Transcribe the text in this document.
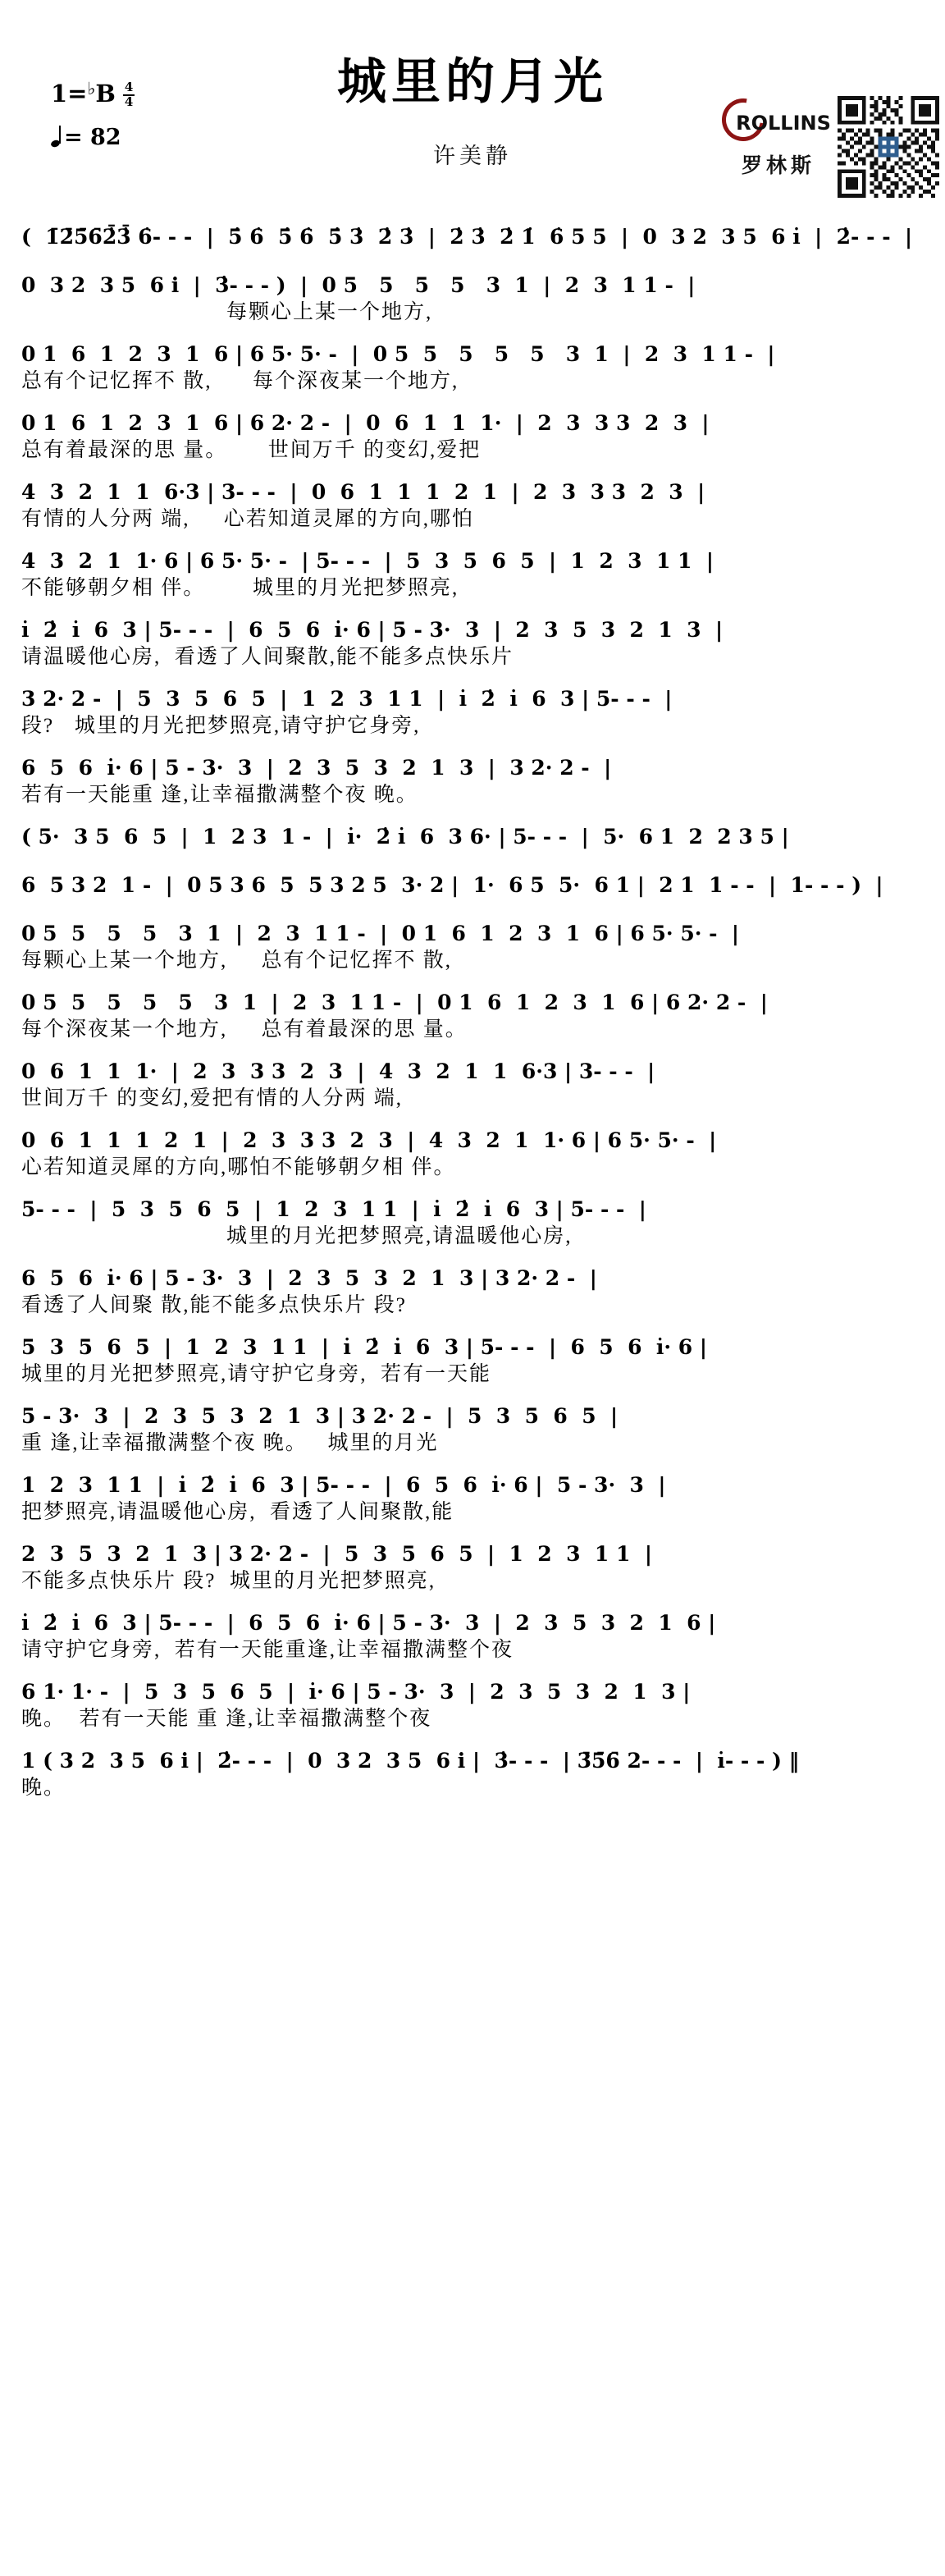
城里的月光
许美静
1= ♭ B $\frac{4}{4}$
= 82
ROLLINS
罗林斯
(  1̄2̄5̄6̄2̇̄3̇̄ 6̇- - -  |  5̇ 6̇  5̇ 6̇  5̇ 3̇  2̇ 3̇  |  2̇ 3̇  2̇ 1̇  6̇ 5 5  |  0  3 2  3 5  6 i̇  |  2̇- - -  |
0  3 2  3 5  6 i  |  3̇- - - )  |  0 5   5   5   5   3  1  |  2  3  1 1 -  |
每颗心上某一个地方,
0 1  6  1  2  3  1  6 | 6 5· 5· -  |  0 5  5   5   5   5   3  1  |  2  3  1 1 -  |
总有个记忆挥不 散,      每个深夜某一个地方,
0 1  6  1  2  3  1  6 | 6 2· 2 -  |  0  6  1  1  1·  |  2  3  3 3  2  3  |
总有着最深的思 量。      世间万千 的变幻,爱把
4  3  2  1  1  6·3 | 3- - -  |  0  6  1  1  1  2  1  |  2  3  3 3  2  3  |
有情的人分两 端,     心若知道灵犀的方向,哪怕
4  3  2  1  1· 6 | 6 5· 5· -  | 5- - -  |  5  3  5  6  5  |  1  2  3  1 1  |
不能够朝夕相 伴。       城里的月光把梦照亮,
i̇  2̇  i̇  6  3 | 5- - -  |  6  5  6  i̇· 6 | 5 - 3·  3  |  2  3  5  3  2  1  3  |
请温暖他心房,  看透了人间聚散,能不能多点快乐片
3 2· 2 -  |  5  3  5  6  5  |  1  2  3  1 1  |  i̇  2̇  i̇  6  3 | 5- - -  |
段?   城里的月光把梦照亮,请守护它身旁,
6  5  6  i̇· 6 | 5 - 3·  3  |  2  3  5  3  2  1  3  |  3 2· 2 -  |
若有一天能重 逢,让幸福撒满整个夜 晚。
( 5·  3 5  6  5  |  1  2 3  1 -  |  i̇·  2̇ i̇  6  3 6· | 5- - -  |  5·  6 1  2  2 3 5 |
6  5 3 2  1 -  |  0 5 3 6  5  5 3 2 5  3· 2 |  1·  6 5  5·  6 1 |  2 1  1 - -  |  1- - - )  |
0 5  5   5   5   3  1  |  2  3  1 1 -  |  0 1  6  1  2  3  1  6 | 6 5· 5· -  |
每颗心上某一个地方,     总有个记忆挥不 散,
0 5  5   5   5   5   3  1  |  2  3  1 1 -  |  0 1  6  1  2  3  1  6 | 6 2· 2 -  |
每个深夜某一个地方,     总有着最深的思 量。
0  6  1  1  1·  |  2  3  3 3  2  3  |  4  3  2  1  1  6·3 | 3- - -  |
世间万千 的变幻,爱把有情的人分两 端,
0  6  1  1  1  2  1  |  2  3  3 3  2  3  |  4  3  2  1  1· 6 | 6 5· 5· -  |
心若知道灵犀的方向,哪怕不能够朝夕相 伴。
5- - -  |  5  3  5  6  5  |  1  2  3  1 1  |  i̇  2̇  i̇  6  3 | 5- - -  |
城里的月光把梦照亮,请温暖他心房,
6  5  6  i̇· 6 | 5 - 3·  3  |  2  3  5  3  2  1  3 | 3 2· 2 -  |
看透了人间聚 散,能不能多点快乐片 段?
5  3  5  6  5  |  1  2  3  1 1  |  i̇  2̇  i̇  6  3 | 5- - -  |  6  5  6  i̇· 6 |
城里的月光把梦照亮,请守护它身旁,  若有一天能
5 - 3·  3  |  2  3  5  3  2  1  3 | 3 2· 2 -  |  5  3  5  6  5  |
重 逢,让幸福撒满整个夜 晚。   城里的月光
1  2  3  1 1  |  i̇  2̇  i̇  6  3 | 5- - -  |  6  5  6  i̇· 6 |  5 - 3·  3  |
把梦照亮,请温暖他心房,  看透了人间聚散,能
2  3  5  3  2  1  3 | 3 2· 2 -  |  5  3  5  6  5  |  1  2  3  1 1  |
不能多点快乐片 段?  城里的月光把梦照亮,
i̇  2̇  i̇  6  3 | 5- - -  |  6  5  6  i̇· 6 | 5 - 3·  3  |  2  3  5  3  2  1  6 |
请守护它身旁,  若有一天能重逢,让幸福撒满整个夜
6 1· 1· -  |  5  3  5  6  5  |  i̇· 6 | 5 - 3·  3  |  2  3  5  3  2  1  3 |
晚。  若有一天能 重 逢,让幸福撒满整个夜
1 ( 3 2  3 5  6 i |  2̇- - -  |  0  3 2  3 5  6 i |  3̇- - -  | 3̄5̄6̄ 2- - -  |  i̇- - - ) ‖
晚。
